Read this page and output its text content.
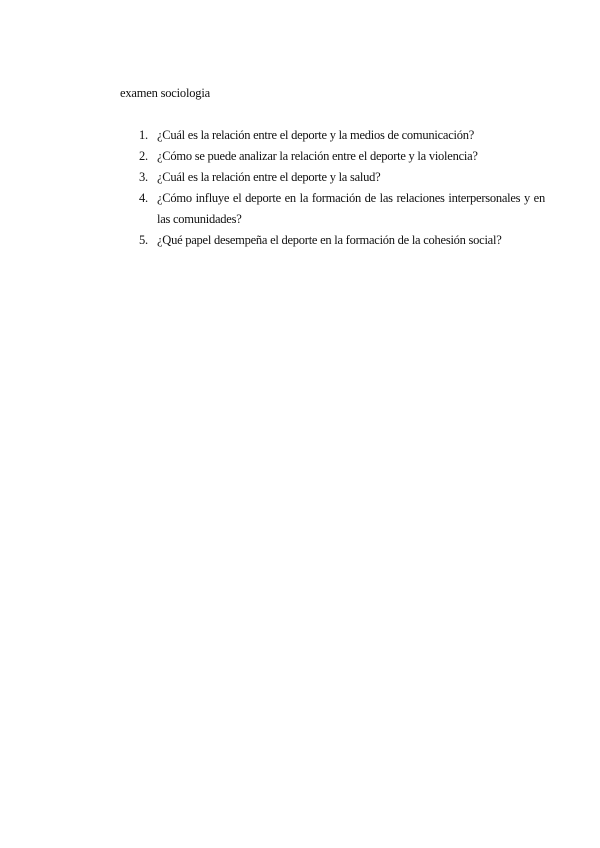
examen sociologia
1. ¿Cuál es la relación entre el deporte y la medios de comunicación?
2. ¿Cómo se puede analizar la relación entre el deporte y la violencia?
3. ¿Cuál es la relación entre el deporte y la salud?
4. ¿Cómo influye el deporte en la formación de las relaciones interpersonales y en las comunidades?
5. ¿Qué papel desempeña el deporte en la formación de la cohesión social?
